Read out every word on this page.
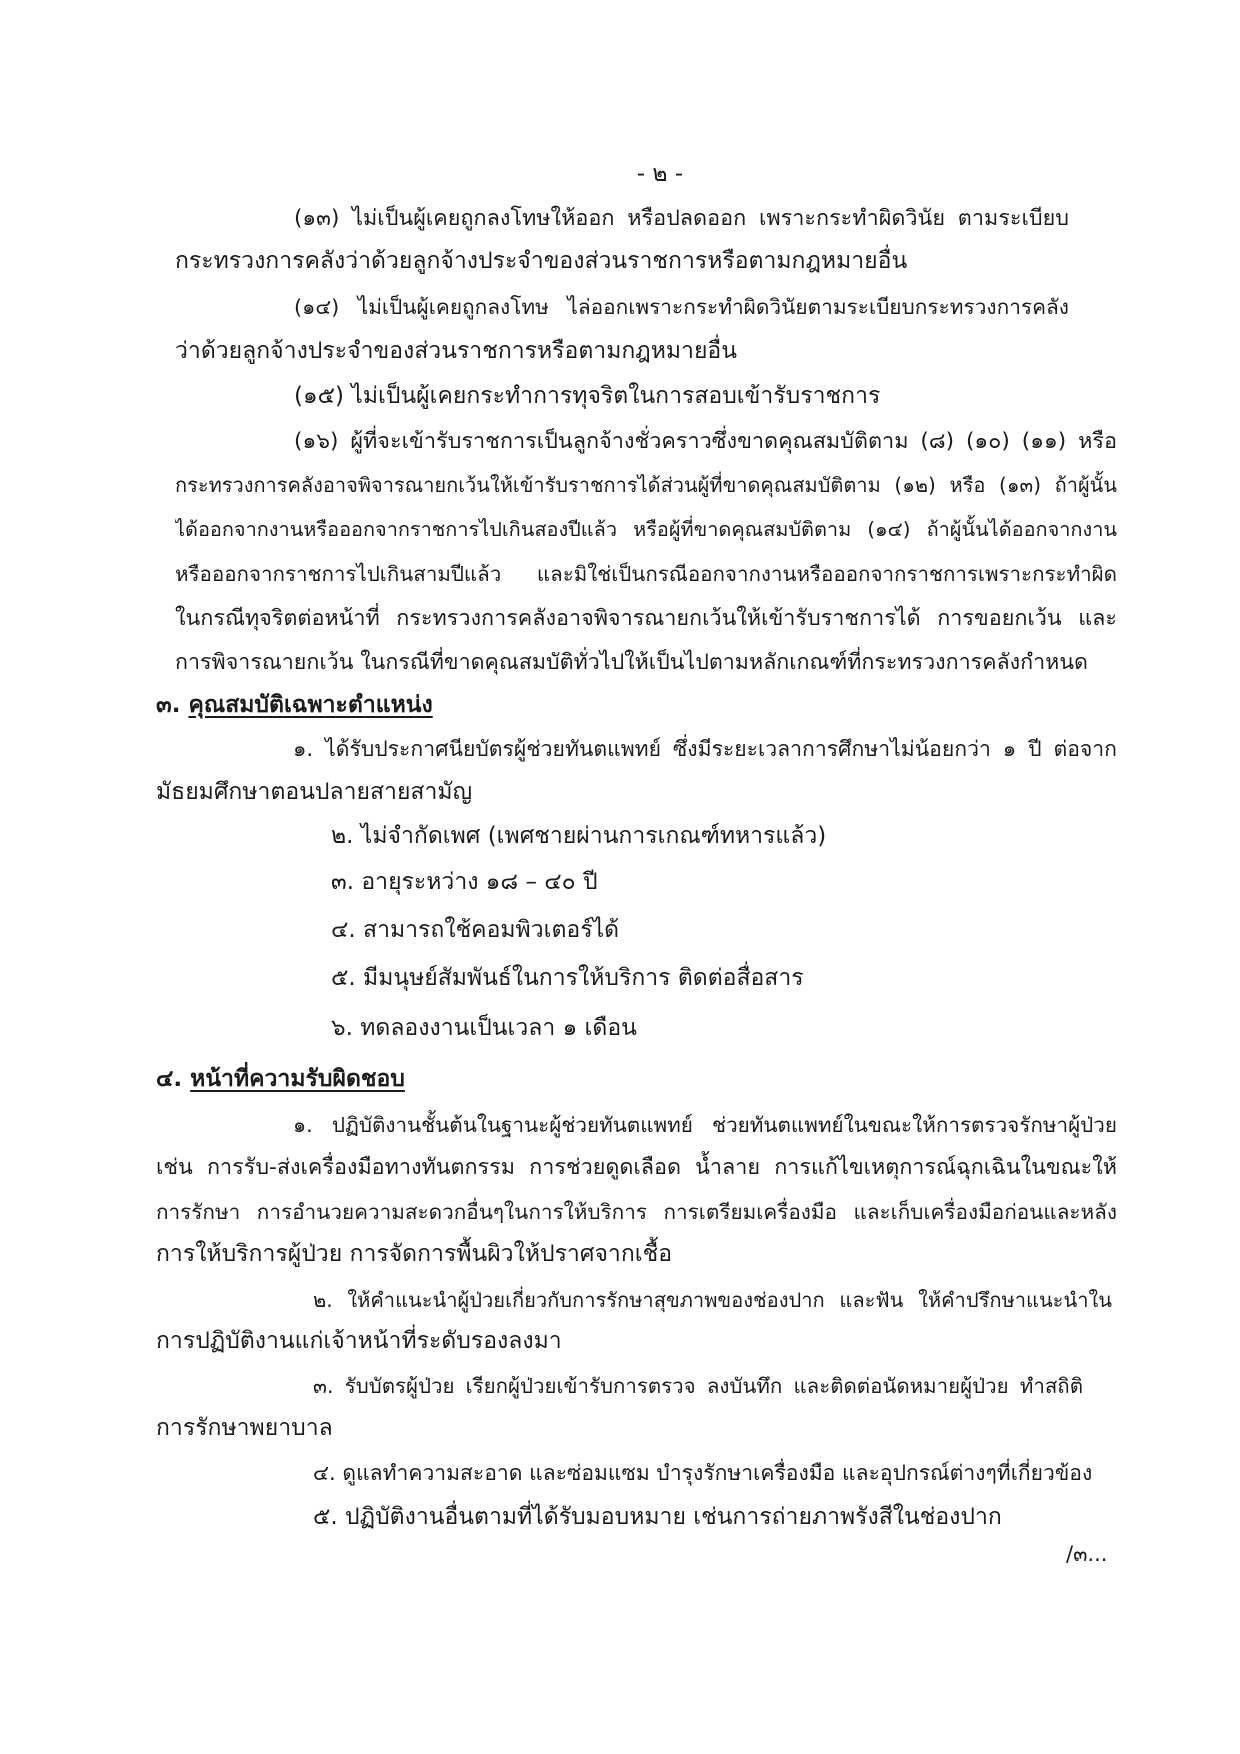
- ๒ -
(๑๓) ไม่เป็นผู้เคยถูกลงโทษให้ออก หรือปลดออก เพราะกระทำผิดวินัย ตามระเบียบ
กระทรวงการคลังว่าด้วยลูกจ้างประจำของส่วนราชการหรือตามกฎหมายอื่น
(๑๔) ไม่เป็นผู้เคยถูกลงโทษ ไล่ออกเพราะกระทำผิดวินัยตามระเบียบกระทรวงการคลัง
ว่าด้วยลูกจ้างประจำของส่วนราชการหรือตามกฎหมายอื่น
(๑๕) ไม่เป็นผู้เคยกระทำการทุจริตในการสอบเข้ารับราชการ
(๑๖) ผู้ที่จะเข้ารับราชการเป็นลูกจ้างชั่วคราวซึ่งขาดคุณสมบัติตาม (๘) (๑๐) (๑๑) หรือ
กระทรวงการคลังอาจพิจารณายกเว้นให้เข้ารับราชการได้ส่วนผู้ที่ขาดคุณสมบัติตาม (๑๒) หรือ (๑๓) ถ้าผู้นั้น
ได้ออกจากงานหรือออกจากราชการไปเกินสองปีแล้ว หรือผู้ที่ขาดคุณสมบัติตาม (๑๔) ถ้าผู้นั้นได้ออกจากงาน
หรือออกจากราชการไปเกินสามปีแล้ว และมิใช่เป็นกรณีออกจากงานหรือออกจากราชการเพราะกระทำผิด
ในกรณีทุจริตต่อหน้าที่ กระทรวงการคลังอาจพิจารณายกเว้นให้เข้ารับราชการได้ การขอยกเว้น และ
การพิจารณายกเว้น ในกรณีที่ขาดคุณสมบัติทั่วไปให้เป็นไปตามหลักเกณฑ์ที่กระทรวงการคลังกำหนด
๓. คุณสมบัติเฉพาะตำแหน่ง
๑. ได้รับประกาศนียบัตรผู้ช่วยทันตแพทย์ ซึ่งมีระยะเวลาการศึกษาไม่น้อยกว่า ๑ ปี ต่อจาก
มัธยมศึกษาตอนปลายสายสามัญ
๒. ไม่จำกัดเพศ (เพศชายผ่านการเกณฑ์ทหารแล้ว)
๓. อายุระหว่าง ๑๘ – ๔๐ ปี
๔. สามารถใช้คอมพิวเตอร์ได้
๕. มีมนุษย์สัมพันธ์ในการให้บริการ ติดต่อสื่อสาร
๖. ทดลองงานเป็นเวลา ๑ เดือน
๔. หน้าที่ความรับผิดชอบ
๑. ปฏิบัติงานชั้นต้นในฐานะผู้ช่วยทันตแพทย์ ช่วยทันตแพทย์ในขณะให้การตรวจรักษาผู้ป่วย
เช่น การรับ-ส่งเครื่องมือทางทันตกรรม การช่วยดูดเลือด น้ำลาย การแก้ไขเหตุการณ์ฉุกเฉินในขณะให้
การรักษา การอำนวยความสะดวกอื่นๆในการให้บริการ การเตรียมเครื่องมือ และเก็บเครื่องมือก่อนและหลัง
การให้บริการผู้ป่วย การจัดการพื้นผิวให้ปราศจากเชื้อ
๒. ให้คำแนะนำผู้ป่วยเกี่ยวกับการรักษาสุขภาพของช่องปาก และฟัน ให้คำปรึกษาแนะนำใน
การปฏิบัติงานแก่เจ้าหน้าที่ระดับรองลงมา
๓. รับบัตรผู้ป่วย เรียกผู้ป่วยเข้ารับการตรวจ ลงบันทึก และติดต่อนัดหมายผู้ป่วย ทำสถิติ
การรักษาพยาบาล
๔. ดูแลทำความสะอาด และซ่อมแซม บำรุงรักษาเครื่องมือ และอุปกรณ์ต่างๆที่เกี่ยวข้อง
๕. ปฏิบัติงานอื่นตามที่ได้รับมอบหมาย เช่นการถ่ายภาพรังสีในช่องปาก
/๓...
